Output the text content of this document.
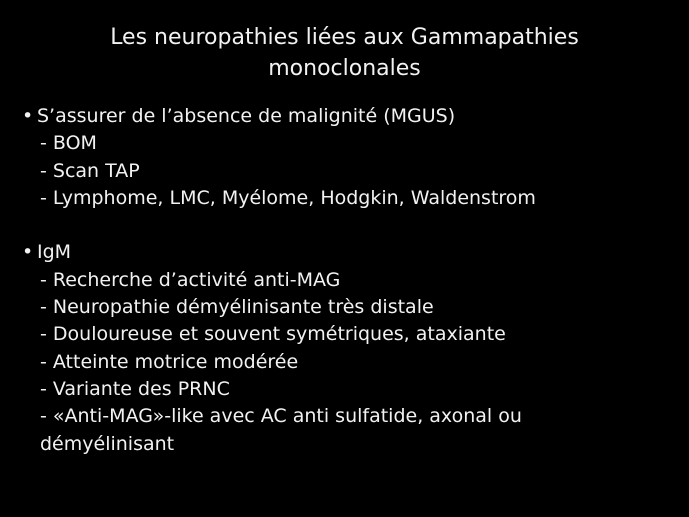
Les neuropathies liées aux Gammapathies
monoclonales
• S’assurer de l’absence de malignité (MGUS)
- BOM
- Scan TAP
- Lymphome, LMC, Myélome, Hodgkin, Waldenstrom
• IgM
- Recherche d’activité anti-MAG
- Neuropathie démyélinisante très distale
- Douloureuse et souvent symétriques, ataxiante
- Atteinte motrice modérée
- Variante des PRNC
- «Anti-MAG»-like avec AC anti sulfatide, axonal ou
démyélinisant
